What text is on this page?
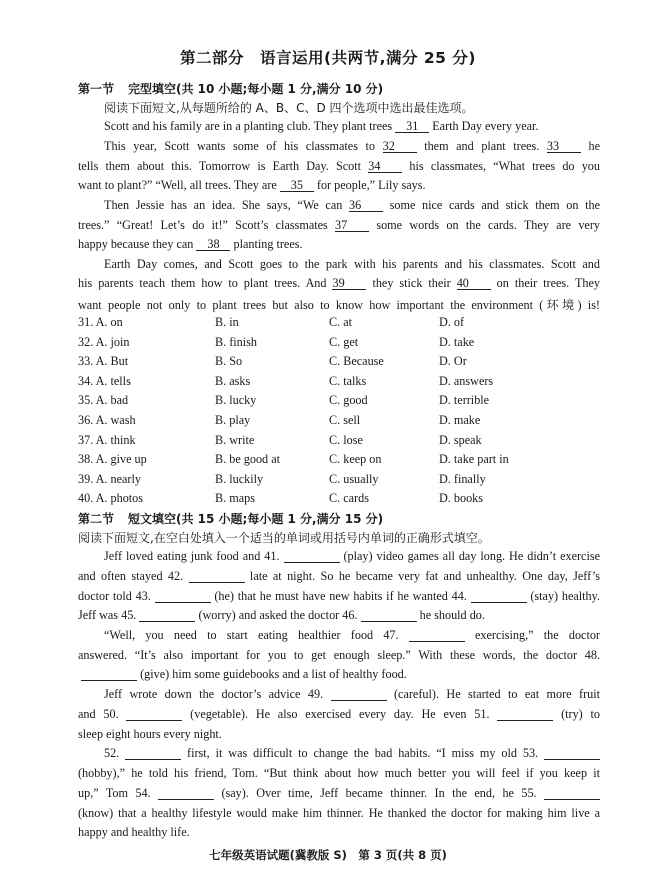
第二部分　语言运用(共两节,满分 25 分)
第一节 完型填空(共 10 小题;每小题 1 分,满分 10 分)
阅读下面短文,从每题所给的 A、B、C、D 四个选项中选出最佳选项。
Scott and his family are in a planting club. They plant trees 31 Earth Day every year.
This year, Scott wants some of his classmates to 32 them and plant trees. 33 he
tells them about this. Tomorrow is Earth Day. Scott 34 his classmates, “What trees do you
want to plant?” “Well, all trees. They are 35 for people,” Lily says.
Then Jessie has an idea. She says, “We can 36 some nice cards and stick them on the
trees.” “Great! Let’s do it!” Scott’s classmates 37 some words on the cards. They are very
happy because they can 38 planting trees.
Earth Day comes, and Scott goes to the park with his parents and his classmates. Scott and
his parents teach them how to plant trees. And 39 they stick their 40 on their trees. They
want people not only to plant trees but also to know how important the environment (环境) is!
31. A. on	B. in	C. at	D. of
32. A. join	B. finish	C. get	D. take
33. A. But	B. So	C. Because	D. Or
34. A. tells	B. asks	C. talks	D. answers
35. A. bad	B. lucky	C. good	D. terrible
36. A. wash	B. play	C. sell	D. make
37. A. think	B. write	C. lose	D. speak
38. A. give up	B. be good at	C. keep on	D. take part in
39. A. nearly	B. luckily	C. usually	D. finally
40. A. photos	B. maps	C. cards	D. books
第二节 短文填空(共 15 小题;每小题 1 分,满分 15 分)
阅读下面短文,在空白处填入一个适当的单词或用括号内单词的正确形式填空。
Jeff loved eating junk food and 41.	(play) video games all day long. He didn’t exercise
and often stayed 42.	late at night. So he became very fat and unhealthy. One day, Jeff’s
doctor told 43.	(he) that he must have new habits if he wanted 44.	(stay) healthy.
Jeff was 45.	(worry) and asked the doctor 46.	he should do.
“Well, you need to start eating healthier food 47.	exercising,” the doctor
answered. “It’s also important for you to get enough sleep.” With these words, the doctor 48.
(give) him some guidebooks and a list of healthy food.
Jeff wrote down the doctor’s advice 49.	(careful). He started to eat more fruit
and 50.	(vegetable). He also exercised every day. He even 51.	(try) to
sleep eight hours every night.
52.	first, it was difficult to change the bad habits. “I miss my old 53.
(hobby),” he told his friend, Tom. “But think about how much better you will feel if you keep it
up,” Tom 54.	(say). Over time, Jeff became thinner. In the end, he 55.
(know) that a healthy lifestyle would make him thinner. He thanked the doctor for making him live a
happy and healthy life.
七年级英语试题(冀教版 S)　第 3 页(共 8 页)
